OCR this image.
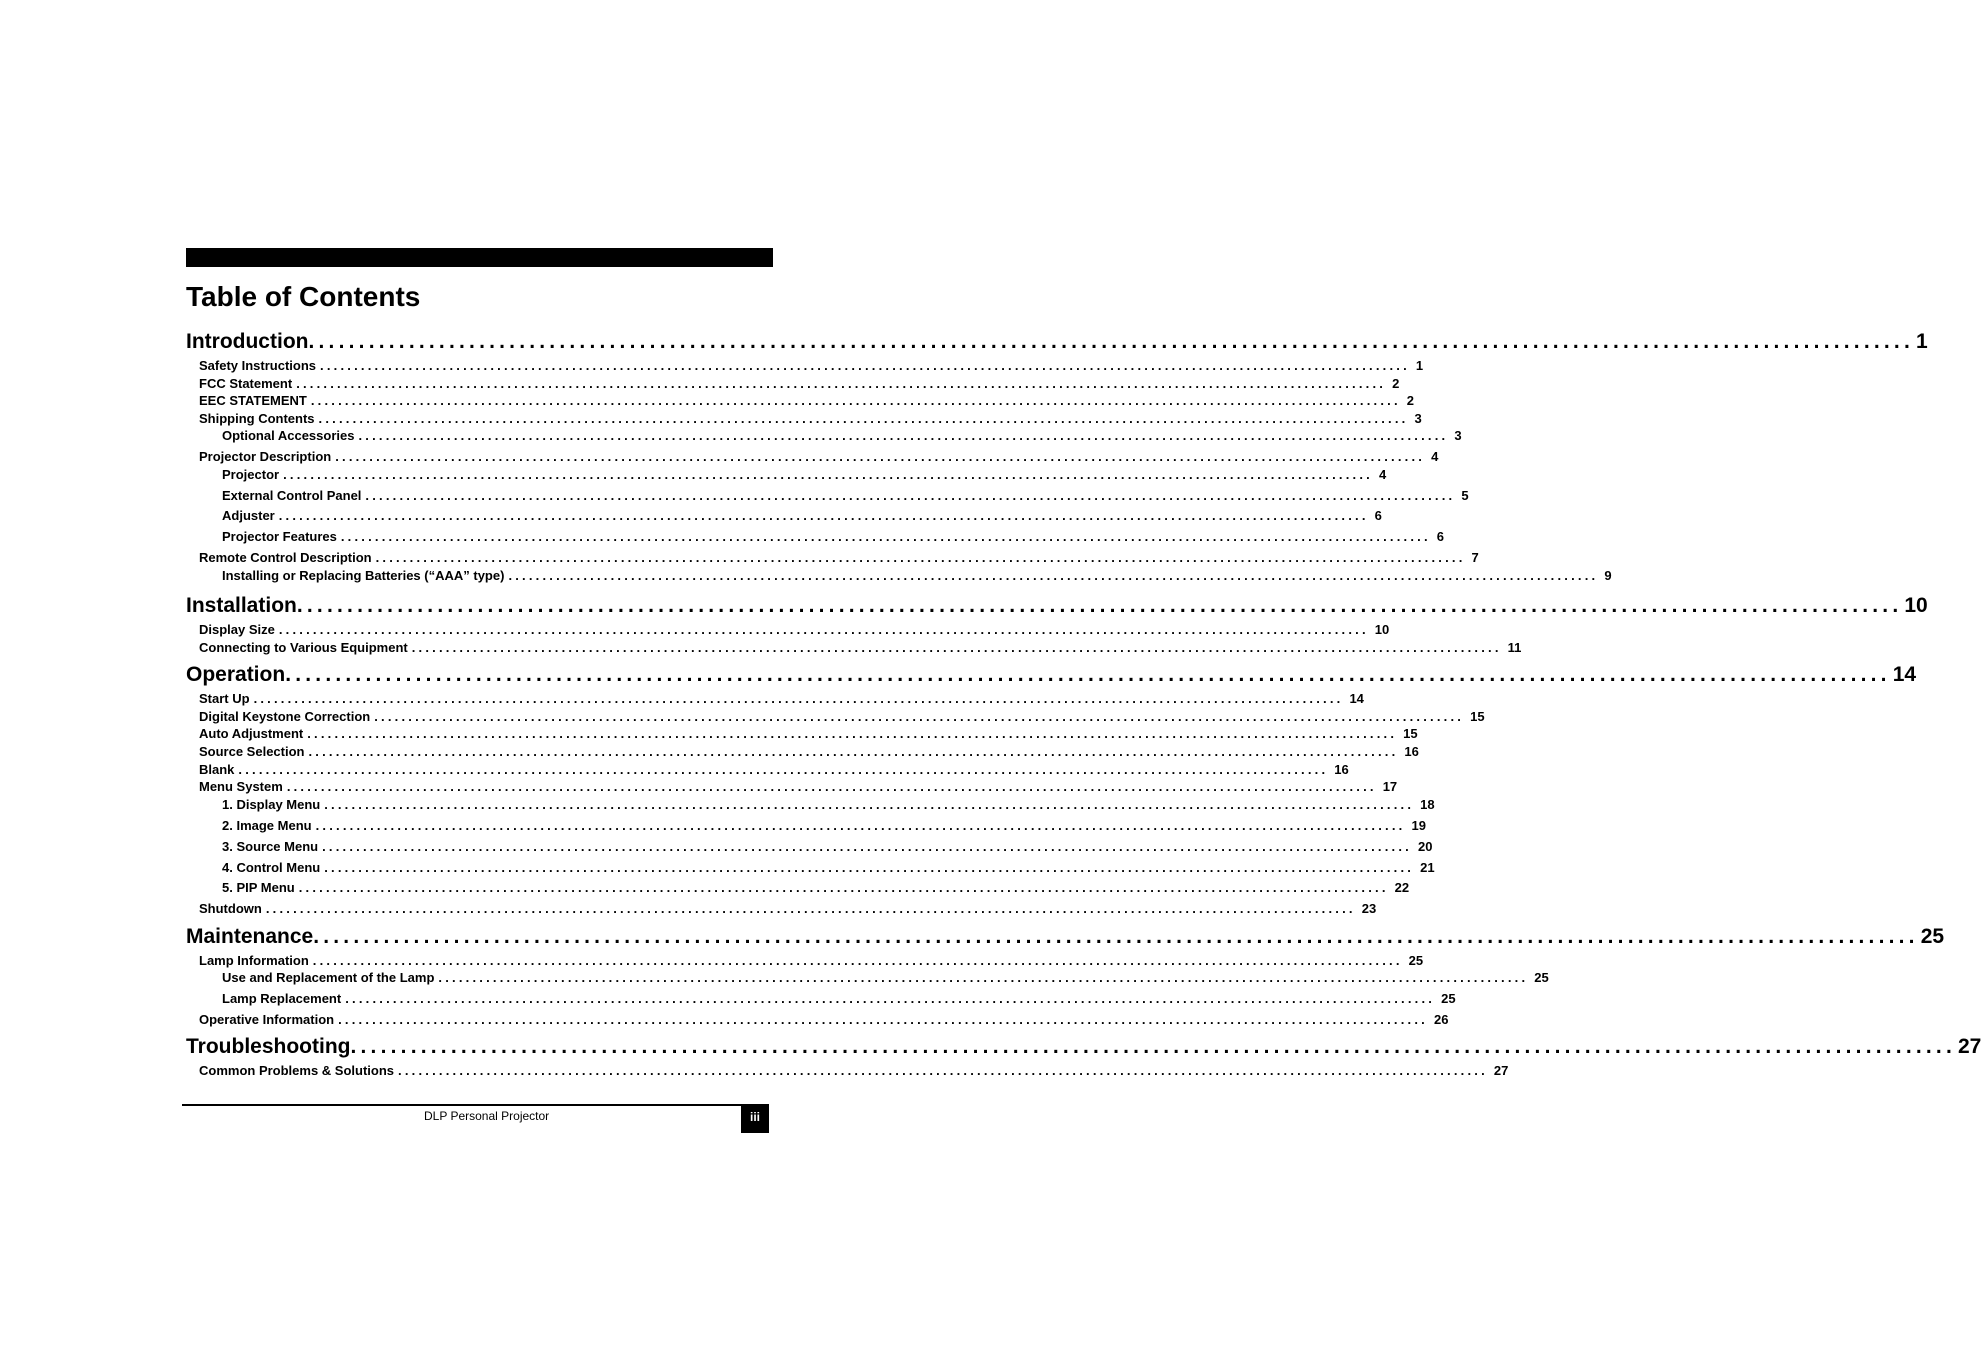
Table of Contents
Introduction ................................................................................................................................................................ 1
Safety Instructions ................................................................................................................................................................ 1
FCC Statement ................................................................................................................................................................ 2
EEC STATEMENT ................................................................................................................................................................ 2
Shipping Contents ................................................................................................................................................................ 3
Optional Accessories ................................................................................................................................................................ 3
Projector Description ................................................................................................................................................................ 4
Projector ................................................................................................................................................................ 4
External Control Panel ................................................................................................................................................................ 5
Adjuster ................................................................................................................................................................ 6
Projector Features ................................................................................................................................................................ 6
Remote Control Description ................................................................................................................................................................ 7
Installing or Replacing Batteries (“AAA” type) ................................................................................................................................................................ 9
Installation ................................................................................................................................................................ 10
Display Size ................................................................................................................................................................ 10
Connecting to Various Equipment ................................................................................................................................................................ 11
Operation ................................................................................................................................................................ 14
Start Up ................................................................................................................................................................ 14
Digital Keystone Correction ................................................................................................................................................................ 15
Auto Adjustment ................................................................................................................................................................ 15
Source Selection ................................................................................................................................................................ 16
Blank ................................................................................................................................................................ 16
Menu System ................................................................................................................................................................ 17
1. Display Menu ................................................................................................................................................................ 18
2. Image Menu ................................................................................................................................................................ 19
3. Source Menu ................................................................................................................................................................ 20
4. Control Menu ................................................................................................................................................................ 21
5. PIP Menu ................................................................................................................................................................ 22
Shutdown ................................................................................................................................................................ 23
Maintenance ................................................................................................................................................................ 25
Lamp Information ................................................................................................................................................................ 25
Use and Replacement of the Lamp ................................................................................................................................................................ 25
Lamp Replacement ................................................................................................................................................................ 25
Operative Information ................................................................................................................................................................ 26
Troubleshooting ................................................................................................................................................................ 27
Common Problems & Solutions ................................................................................................................................................................ 27
DLP Personal Projector	iii
